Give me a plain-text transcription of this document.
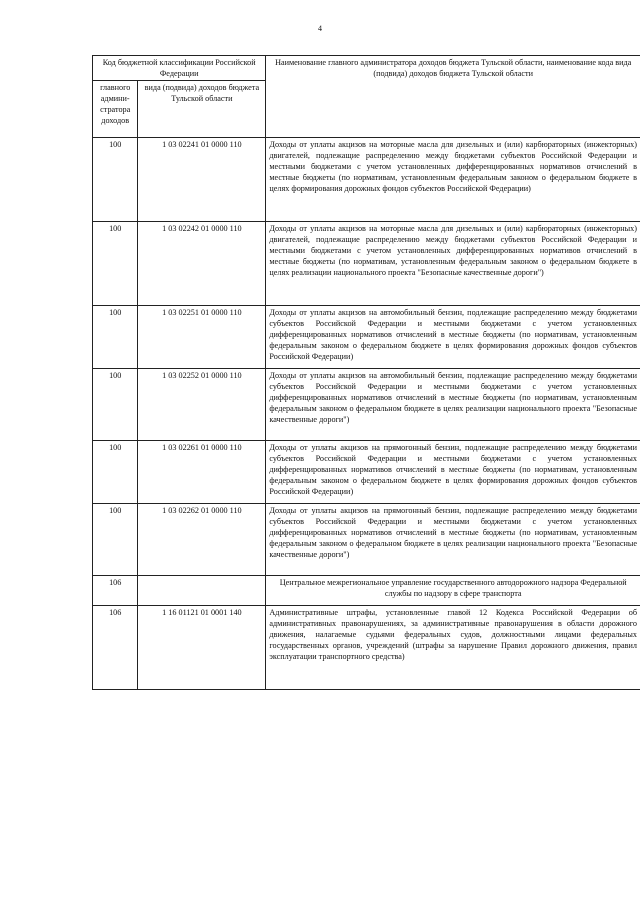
4
Код бюджетной классификации Российской Федерации		Наименование главного администратора доходов бюджета Тульской области, наименование кода вида (подвида) доходов бюджета Тульской области
главного админи-стратора доходов	вида (подвида) доходов бюджета Тульской области	
100	1 03 02241 01 0000 110	Доходы от уплаты акцизов на моторные масла для дизельных и (или) карбюраторных (инжекторных) двигателей, подлежащие распределению между бюджетами субъектов Российской Федерации и местными бюджетами с учетом установленных дифференцированных нормативов отчислений в местные бюджеты (по нормативам, установленным федеральным законом о федеральном бюджете в целях формирования дорожных фондов субъектов Российской Федерации)
100	1 03 02242 01 0000 110	Доходы от уплаты акцизов на моторные масла для дизельных и (или) карбюраторных (инжекторных) двигателей, подлежащие распределению между бюджетами субъектов Российской Федерации и местными бюджетами с учетом установленных дифференцированных нормативов отчислений в местные бюджеты (по нормативам, установленным федеральным законом о федеральном бюджете в целях реализации национального проекта "Безопасные качественные дороги")
100	1 03 02251 01 0000 110	Доходы от уплаты акцизов на автомобильный бензин, подлежащие распределению между бюджетами субъектов Российской Федерации и местными бюджетами с учетом установленных дифференцированных нормативов отчислений в местные бюджеты (по нормативам, установленным федеральным законом о федеральном бюджете в целях формирования дорожных фондов субъектов Российской Федерации)
100	1 03 02252 01 0000 110	Доходы от уплаты акцизов на автомобильный бензин, подлежащие распределению между бюджетами субъектов Российской Федерации и местными бюджетами с учетом установленных дифференцированных нормативов отчислений в местные бюджеты (по нормативам, установленным федеральным законом о федеральном бюджете в целях реализации национального проекта "Безопасные качественные дороги")
100	1 03 02261 01 0000 110	Доходы от уплаты акцизов на прямогонный бензин, подлежащие распределению между бюджетами субъектов Российской Федерации и местными бюджетами с учетом установленных дифференцированных нормативов отчислений в местные бюджеты (по нормативам, установленным федеральным законом о федеральном бюджете в целях формирования дорожных фондов субъектов Российской Федерации)
100	1 03 02262 01 0000 110	Доходы от уплаты акцизов на прямогонный бензин, подлежащие распределению между бюджетами субъектов Российской Федерации и местными бюджетами с учетом установленных дифференцированных нормативов отчислений в местные бюджеты (по нормативам, установленным федеральным законом о федеральном бюджете в целях реализации национального проекта "Безопасные качественные дороги")
106		Центральное межрегиональное управление государственного автодорожного надзора Федеральной службы по надзору в сфере транспорта
106	1 16 01121 01 0001 140	Административные штрафы, установленные главой 12 Кодекса Российской Федерации об административных правонарушениях, за административные правонарушения в области дорожного движения, налагаемые судьями федеральных судов, должностными лицами федеральных государственных органов, учреждений (штрафы за нарушение Правил дорожного движения, правил эксплуатации транспортного средства)
